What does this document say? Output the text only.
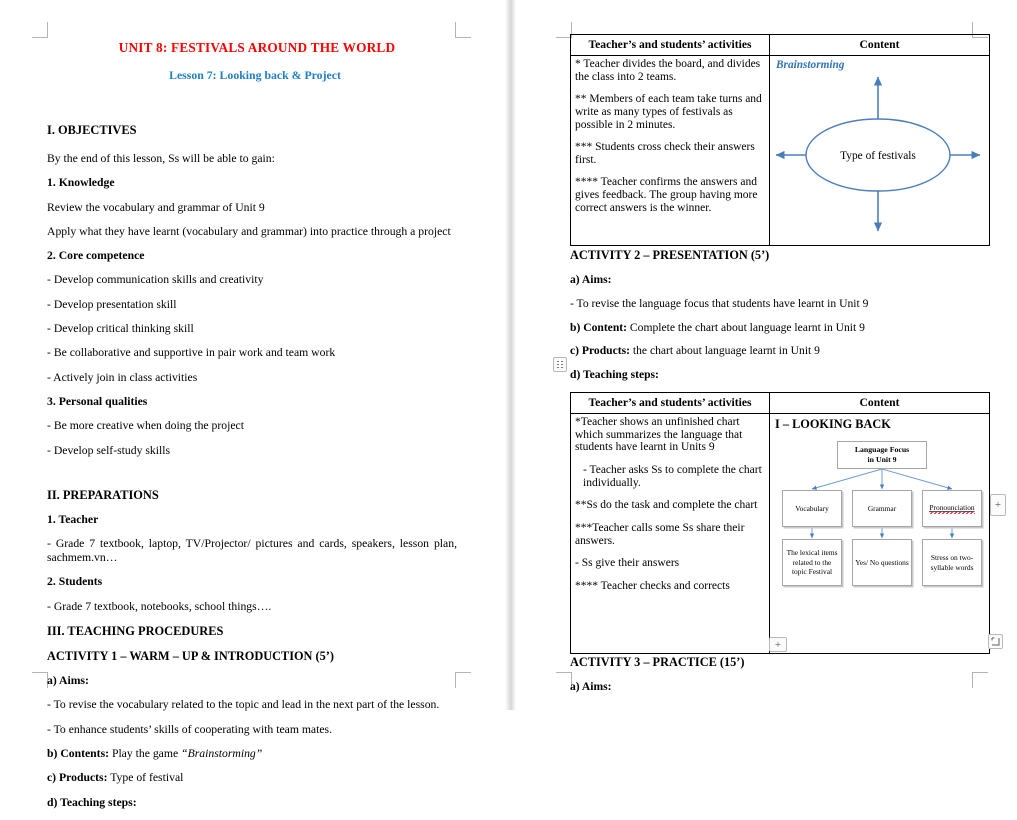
UNIT 8: FESTIVALS AROUND THE WORLD
Lesson 7: Looking back & Project
I. OBJECTIVES
By the end of this lesson, Ss will be able to gain:
1. Knowledge
Review the vocabulary and grammar of Unit 9
Apply what they have learnt (vocabulary and grammar) into practice through a project
2. Core competence
- Develop communication skills and creativity
- Develop presentation skill
- Develop critical thinking skill
- Be collaborative and supportive in pair work and team work
- Actively join in class activities
3. Personal qualities
- Be more creative when doing the project
- Develop self-study skills
II. PREPARATIONS
1. Teacher
- Grade 7 textbook, laptop, TV/Projector/ pictures and cards, speakers, lesson plan, sachmem.vn…
2. Students
- Grade 7 textbook, notebooks, school things….
III. TEACHING PROCEDURES
ACTIVITY 1 – WARM – UP & INTRODUCTION (5’)
a) Aims:
- To revise the vocabulary related to the topic and lead in the next part of the lesson.
- To enhance students’ skills of cooperating with team mates.
b) Contents: Play the game “Brainstorming”
c) Products: Type of festival
d) Teaching steps:
Teacher’s and students’ activities	Content

* Teacher divides the board, and divides the class into 2 teams.
** Members of each team take turns and write as many types of festivals as possible in 2 minutes.
*** Students cross check their answers first.
**** Teacher confirms the answers and gives feedback. The group having more correct answers is the winner.

Brainstorming
Type of festivals
ACTIVITY 2 – PRESENTATION (5’)
a) Aims:
- To revise the language focus that students have learnt in Unit 9
b) Content: Complete the chart about language learnt in Unit 9
c) Products: the chart about language learnt in Unit 9
d) Teaching steps:
Teacher’s and students’ activities	Content

*Teacher shows an unfinished chart which summarizes the language that students have learnt in Units 9
- Teacher asks Ss to complete the chart individually.
**Ss do the task and complete the chart
***Teacher calls some Ss share their answers.
- Ss give their answers
**** Teacher checks and corrects

I – LOOKING BACK
Language Focus
in Unit 9
Vocabulary	Grammar	Pronounciation
The lexical items related to the topic Festival
Yes/ No questions
Stress on two-syllable words
ACTIVITY 3 – PRACTICE (15’)
a) Aims:
+
+
